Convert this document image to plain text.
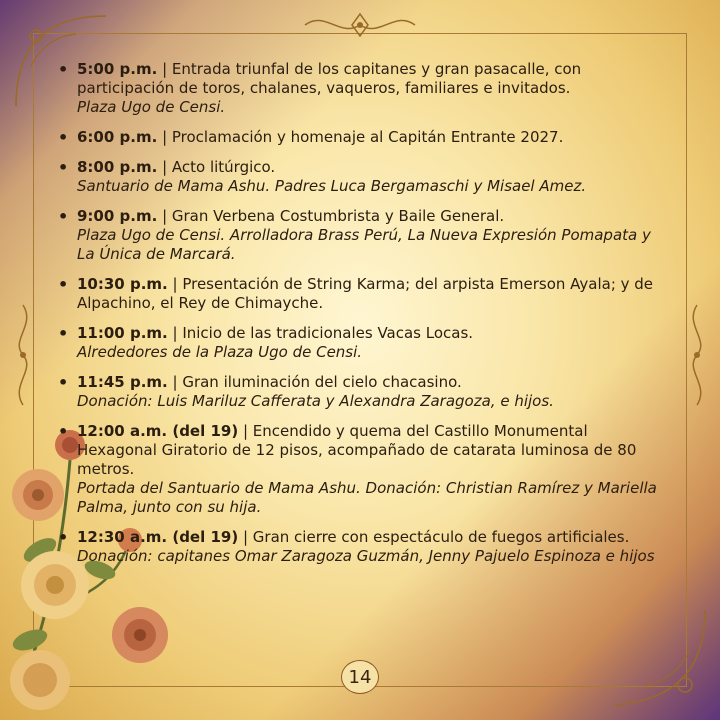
• 5:00 p.m. | Entrada triunfal de los capitanes y gran pasacalle, con participación de toros, chalanes, vaqueros, familiares e invitados.
Plaza Ugo de Censi.
• 6:00 p.m. | Proclamación y homenaje al Capitán Entrante 2027.
• 8:00 p.m. | Acto litúrgico.
Santuario de Mama Ashu. Padres Luca Bergamaschi y Misael Amez.
• 9:00 p.m. | Gran Verbena Costumbrista y Baile General.
Plaza Ugo de Censi. Arrolladora Brass Perú, La Nueva Expresión Pomapata y La Única de Marcará.
• 10:30 p.m. | Presentación de String Karma; del arpista Emerson Ayala; y de Alpachino, el Rey de Chimayche.
• 11:00 p.m. | Inicio de las tradicionales Vacas Locas.
Alrededores de la Plaza Ugo de Censi.
• 11:45 p.m. | Gran iluminación del cielo chacasino.
Donación: Luis Mariluz Cafferata y Alexandra Zaragoza, e hijos.
• 12:00 a.m. (del 19) | Encendido y quema del Castillo Monumental Hexagonal Giratorio de 12 pisos, acompañado de catarata luminosa de 80 metros.
Portada del Santuario de Mama Ashu. Donación: Christian Ramírez y Mariella Palma, junto con su hija.
• 12:30 a.m. (del 19) | Gran cierre con espectáculo de fuegos artificiales.
Donación: capitanes Omar Zaragoza Guzmán, Jenny Pajuelo Espinoza e hijos
14
